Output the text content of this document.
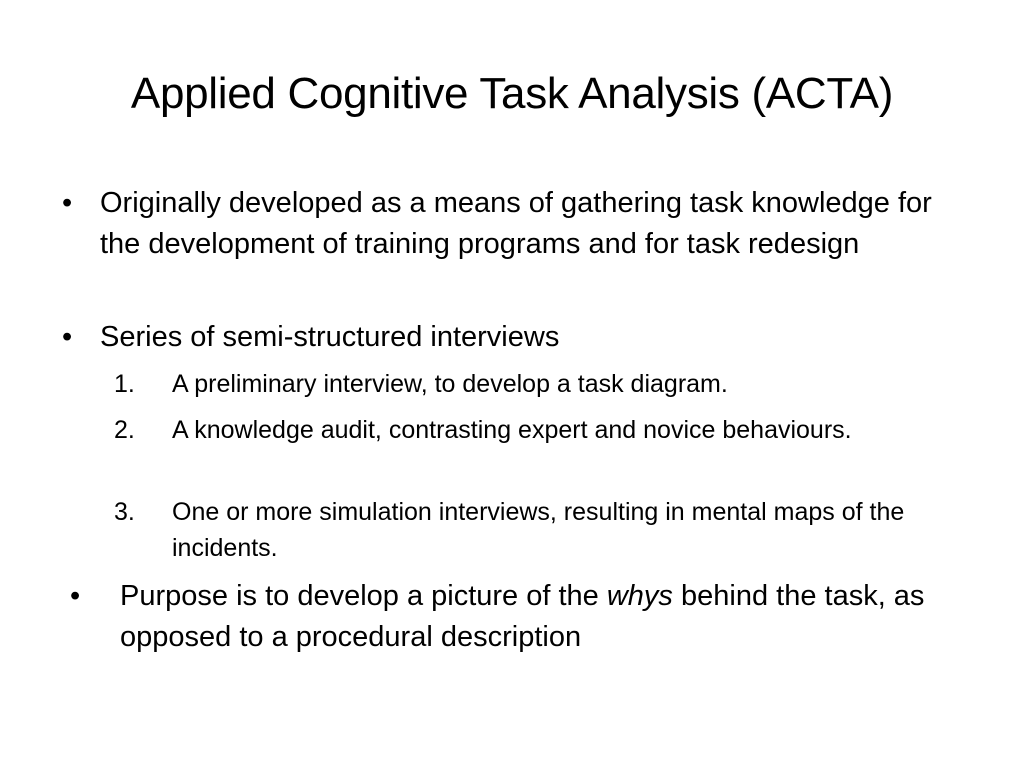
Applied Cognitive Task Analysis (ACTA)
• Originally developed as a means of gathering task knowledge for the development of training programs and for task redesign
• Series of semi-structured interviews
1. A preliminary interview, to develop a task diagram.
2. A knowledge audit, contrasting expert and novice behaviours.
3. One or more simulation interviews, resulting in mental maps of the incidents.
• Purpose is to develop a picture of the whys behind the task, as opposed to a procedural description
